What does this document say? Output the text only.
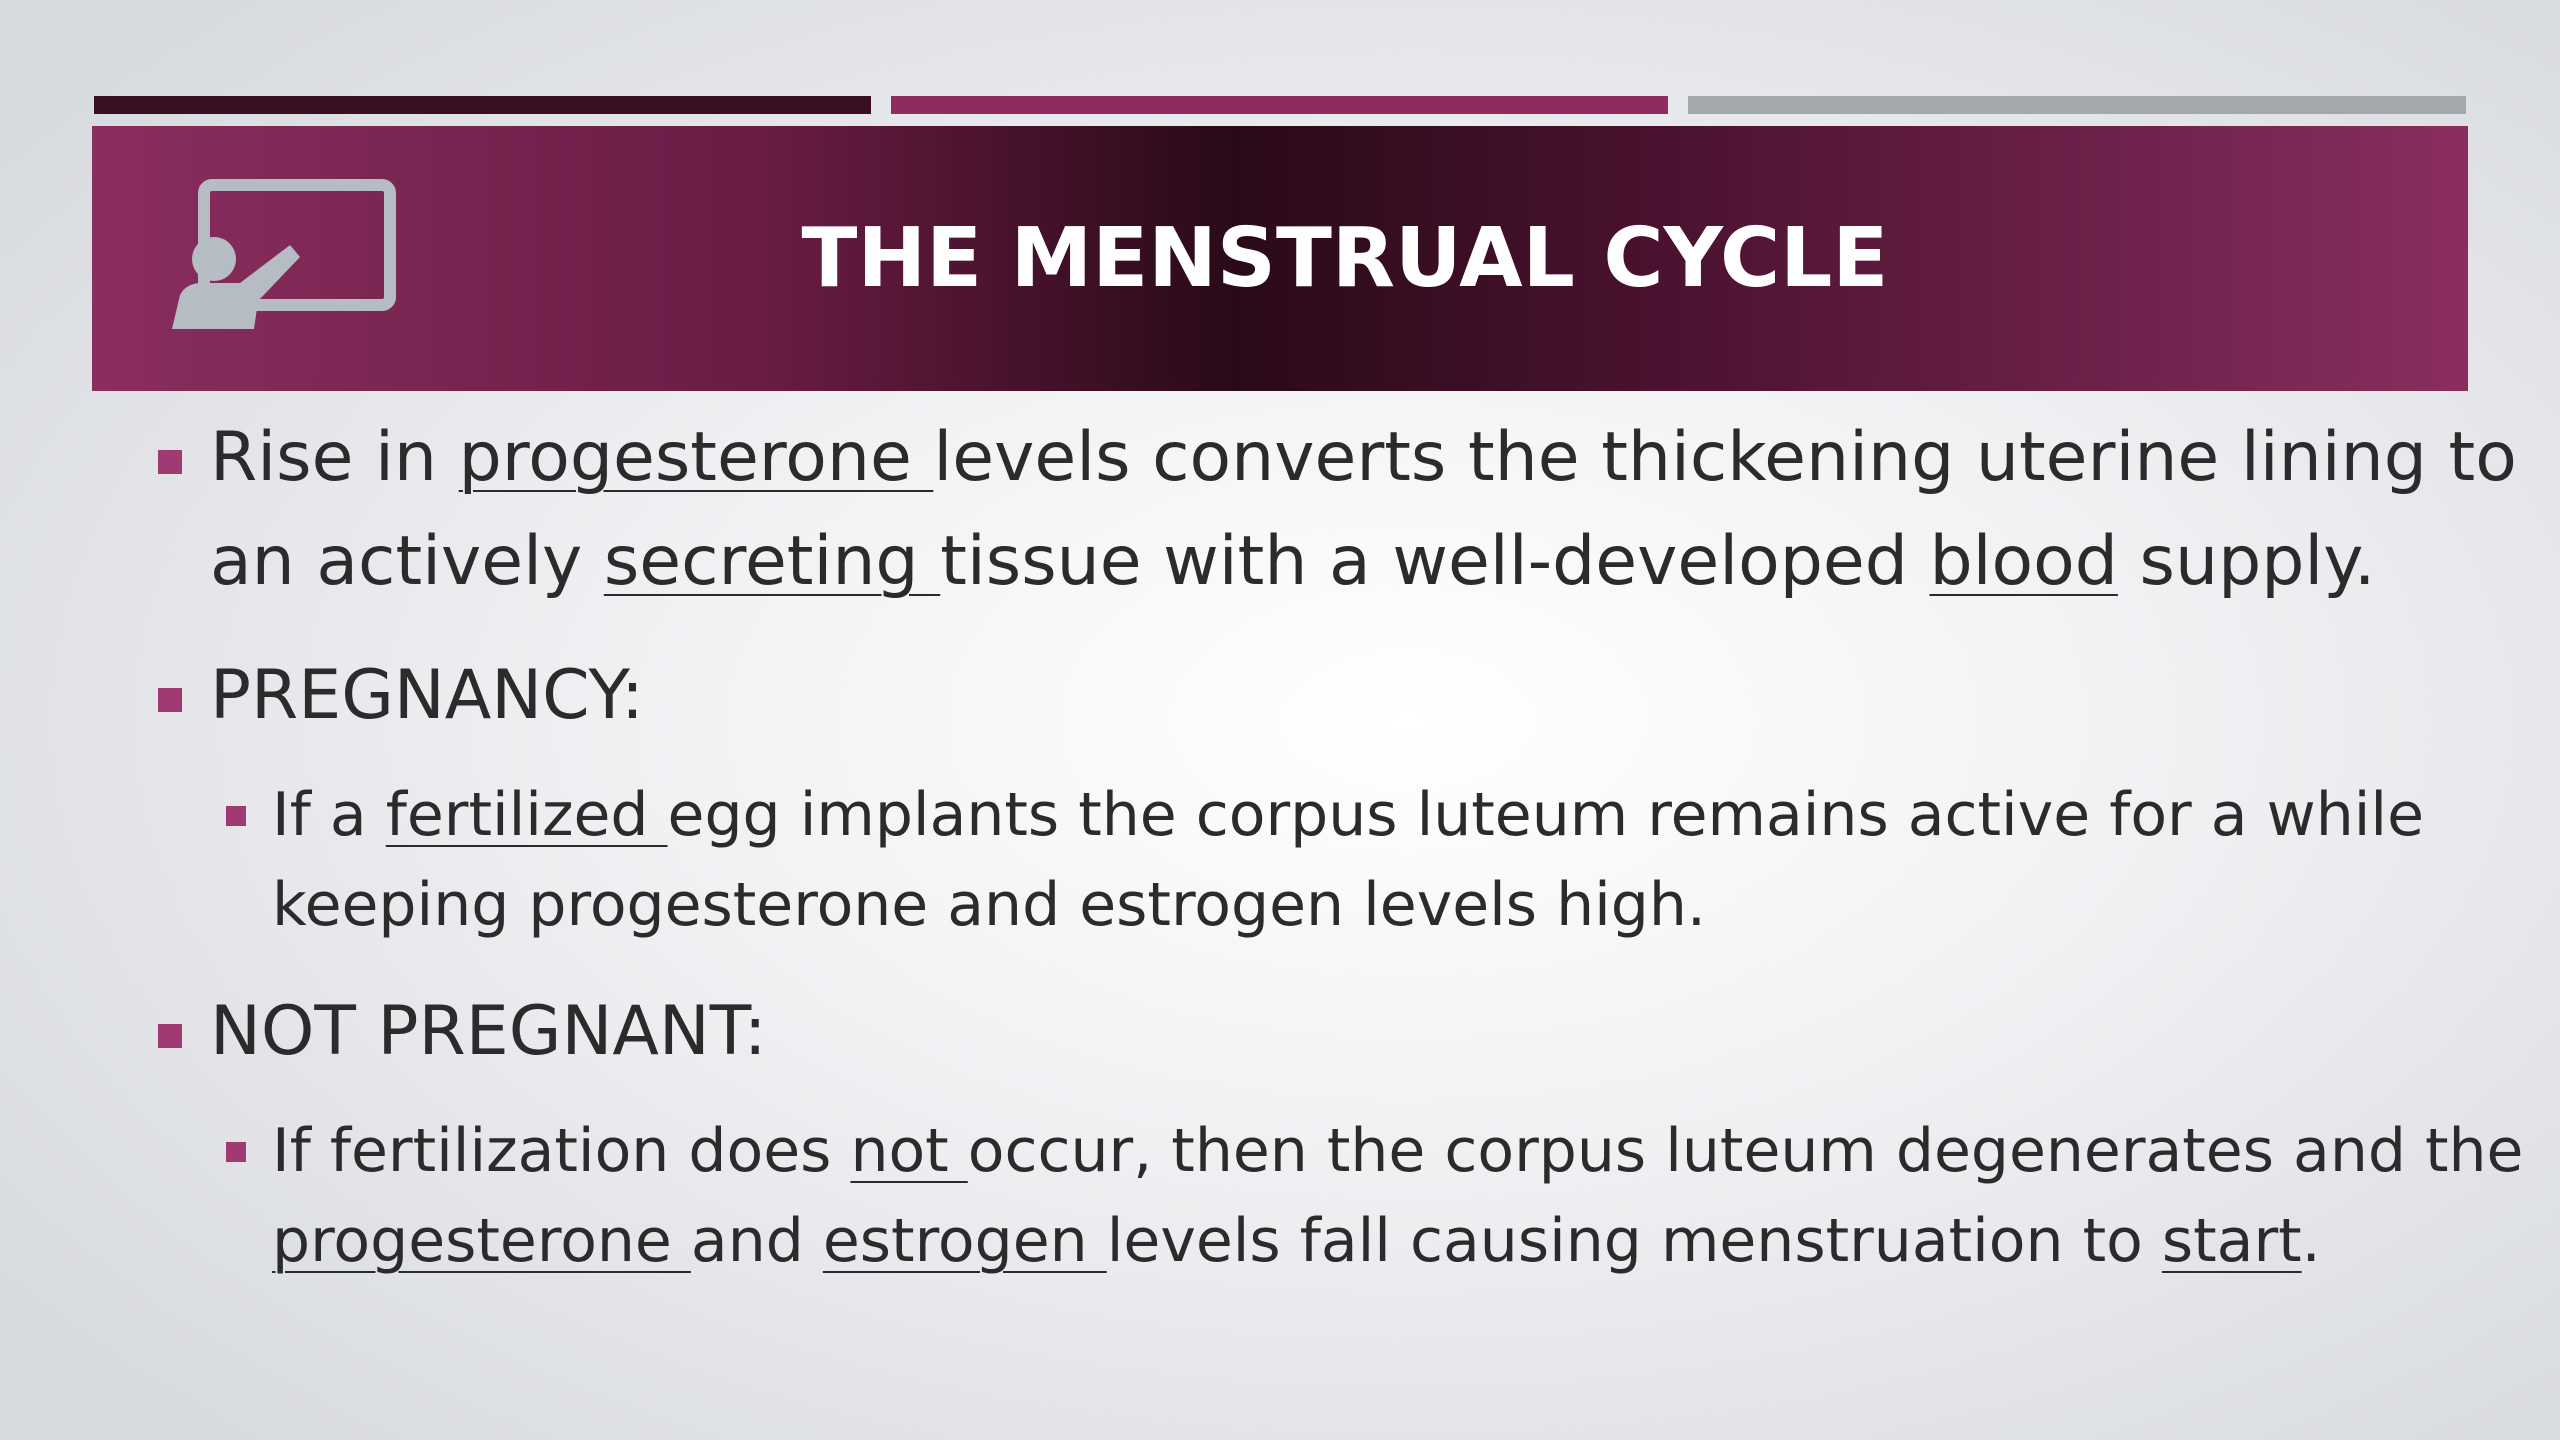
THE MENSTRUAL CYCLE
Rise in progesterone levels converts the thickening uterine lining to an actively secreting tissue with a well-developed blood supply.
PREGNANCY:
If a fertilized egg implants the corpus luteum remains active for a while keeping progesterone and estrogen levels high.
NOT PREGNANT:
If fertilization does not occur, then the corpus luteum degenerates and the progesterone and estrogen levels fall causing menstruation to start.
